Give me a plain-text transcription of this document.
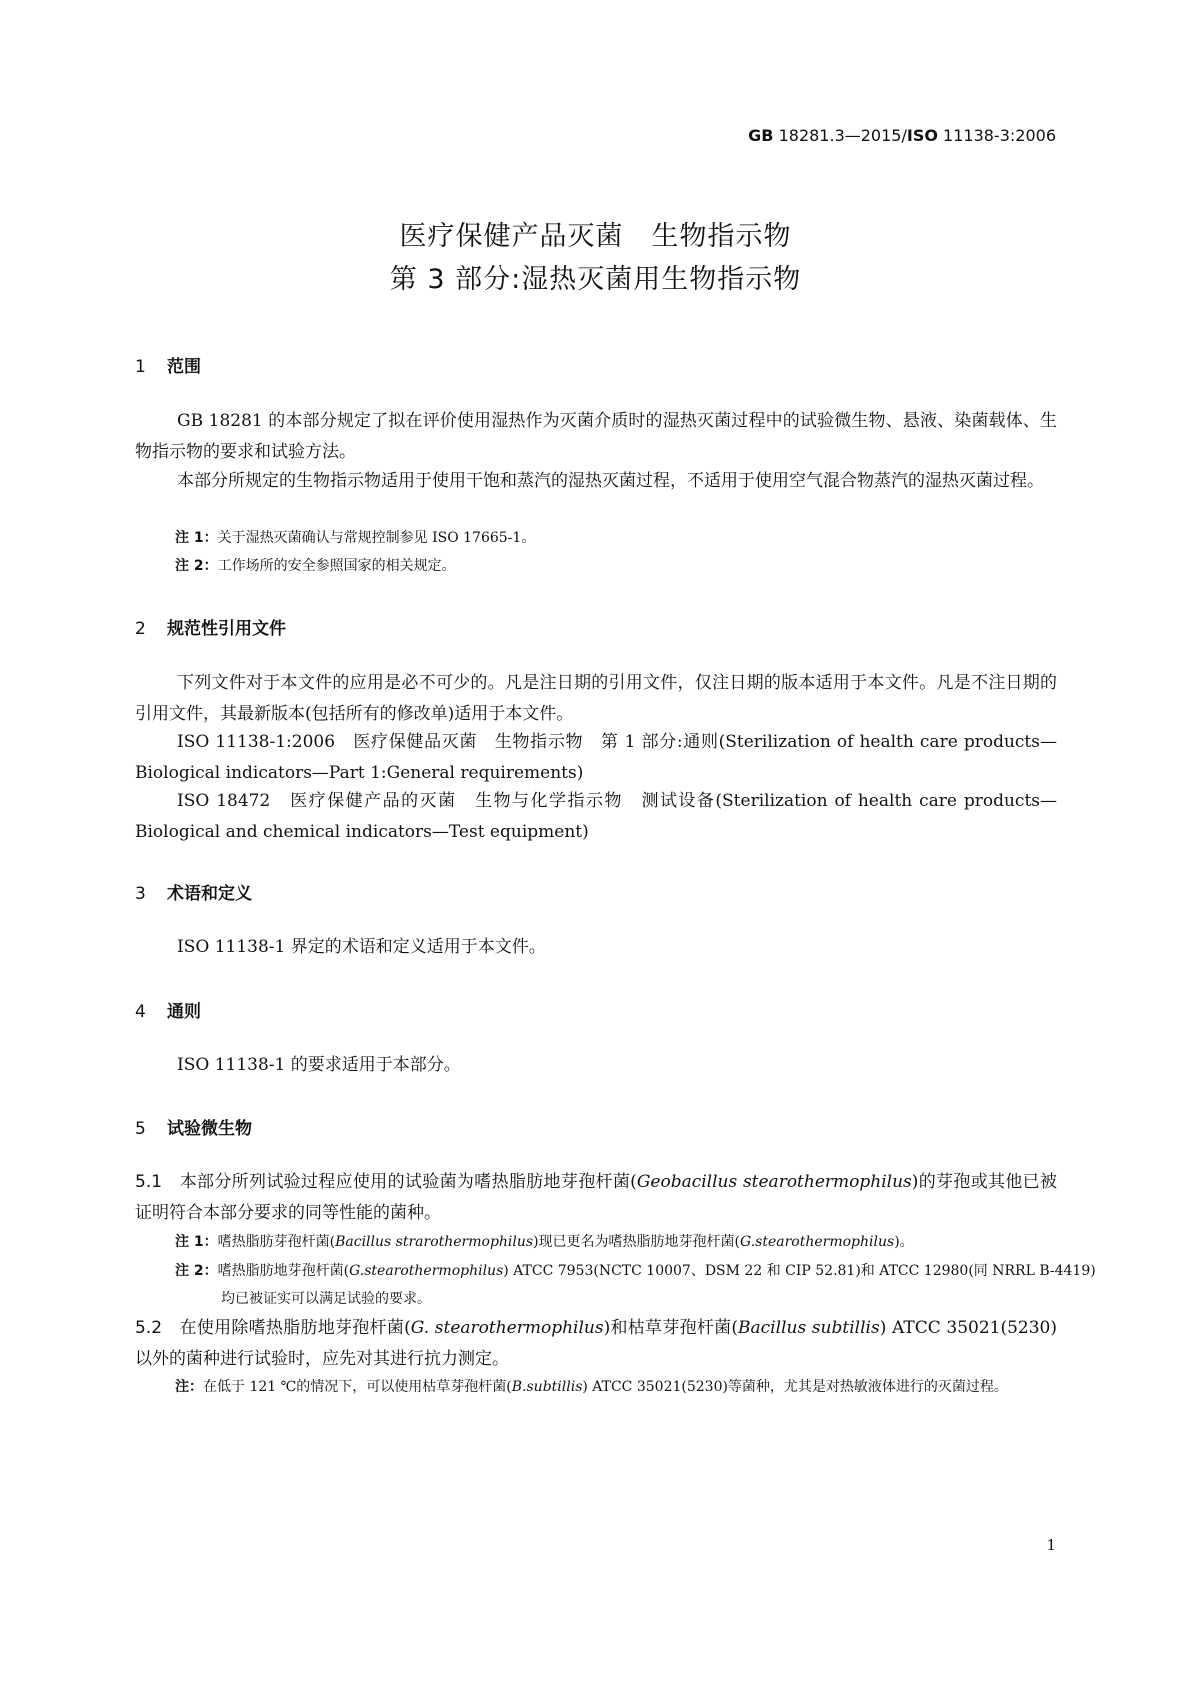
GB 18281.3—2015/ISO 11138-3:2006
医疗保健产品灭菌　生物指示物
第 3 部分:湿热灭菌用生物指示物
1 范围
GB 18281 的本部分规定了拟在评价使用湿热作为灭菌介质时的湿热灭菌过程中的试验微生物、悬液、染菌载体、生物指示物的要求和试验方法。
本部分所规定的生物指示物适用于使用干饱和蒸汽的湿热灭菌过程，不适用于使用空气混合物蒸汽的湿热灭菌过程。
注 1：关于湿热灭菌确认与常规控制参见 ISO 17665-1。
注 2：工作场所的安全参照国家的相关规定。
2 规范性引用文件
下列文件对于本文件的应用是必不可少的。凡是注日期的引用文件，仅注日期的版本适用于本文件。凡是不注日期的引用文件，其最新版本(包括所有的修改单)适用于本文件。
ISO 11138-1:2006　医疗保健品灭菌　生物指示物　第 1 部分:通则(Sterilization of health care products—Biological indicators—Part 1:General requirements)
ISO 18472　医疗保健产品的灭菌　生物与化学指示物　测试设备(Sterilization of health care products—Biological and chemical indicators—Test equipment)
3 术语和定义
ISO 11138-1 界定的术语和定义适用于本文件。
4 通则
ISO 11138-1 的要求适用于本部分。
5 试验微生物
5.1　 本部分所列试验过程应使用的试验菌为嗜热脂肪地芽孢杆菌(Geobacillus stearothermophilus)的芽孢或其他已被证明符合本部分要求的同等性能的菌种。
注 1：嗜热脂肪芽孢杆菌(Bacillus strarothermophilus)现已更名为嗜热脂肪地芽孢杆菌(G.stearothermophilus)。
注 2：嗜热脂肪地芽孢杆菌(G.stearothermophilus) ATCC 7953(NCTC 10007、DSM 22 和 CIP 52.81)和 ATCC 12980(同 NRRL B-4419)均已被证实可以满足试验的要求。
5.2　 在使用除嗜热脂肪地芽孢杆菌(G. stearothermophilus)和枯草芽孢杆菌(Bacillus subtillis) ATCC 35021(5230)以外的菌种进行试验时，应先对其进行抗力测定。
注：在低于 121 ℃的情况下，可以使用枯草芽孢杆菌(B.subtillis) ATCC 35021(5230)等菌种，尤其是对热敏液体进行的灭菌过程。
1
